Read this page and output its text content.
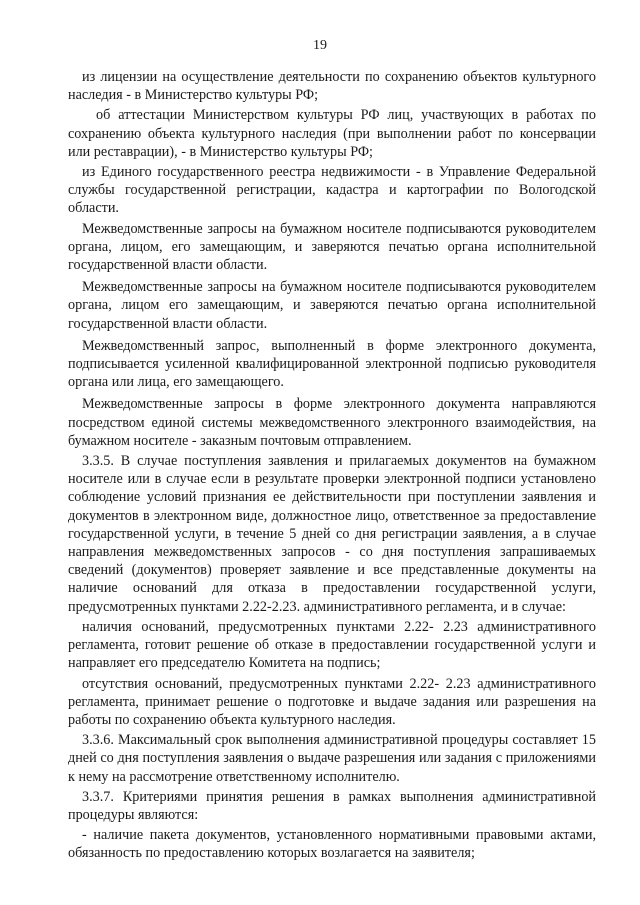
19

из лицензии на осуществление деятельности по сохранению объектов культурного наследия - в Министерство культуры РФ;

об аттестации Министерством культуры РФ лиц, участвующих в работах по сохранению объекта культурного наследия (при выполнении работ по консервации или реставрации), - в Министерство культуры РФ;

из Единого государственного реестра недвижимости - в Управление Федеральной службы государственной регистрации, кадастра и картографии по Вологодской области.

Межведомственные запросы на бумажном носителе подписываются руководителем органа, лицом, его замещающим, и заверяются печатью органа исполнительной государственной власти области.

Межведомственные запросы на бумажном носителе подписываются руководителем органа, лицом его замещающим, и заверяются печатью органа исполнительной государственной власти области.

Межведомственный запрос, выполненный в форме электронного документа, подписывается усиленной квалифицированной электронной подписью руководителя органа или лица, его замещающего.

Межведомственные запросы в форме электронного документа направляются посредством единой системы межведомственного электронного взаимодействия, на бумажном носителе - заказным почтовым отправлением.

3.3.5. В случае поступления заявления и прилагаемых документов на бумажном носителе или в случае если в результате проверки электронной подписи установлено соблюдение условий признания ее действительности при поступлении заявления и документов в электронном виде, должностное лицо, ответственное за предоставление государственной услуги, в течение 5 дней со дня регистрации заявления, а в случае направления межведомственных запросов - со дня поступления запрашиваемых сведений (документов) проверяет заявление и все представленные документы на наличие оснований для отказа в предоставлении государственной услуги, предусмотренных пунктами 2.22-2.23. административного регламента, и в случае:

наличия оснований, предусмотренных пунктами 2.22- 2.23 административного регламента, готовит решение об отказе в предоставлении государственной услуги и направляет его председателю Комитета на подпись;

отсутствия оснований, предусмотренных пунктами 2.22- 2.23 административного регламента, принимает решение о подготовке и выдаче задания или разрешения на работы по сохранению объекта культурного наследия.

3.3.6. Максимальный срок выполнения административной процедуры составляет 15 дней со дня поступления заявления о выдаче разрешения или задания с приложениями к нему на рассмотрение ответственному исполнителю.

3.3.7. Критериями принятия решения в рамках выполнения административной процедуры являются:

- наличие пакета документов, установленного нормативными правовыми актами, обязанность по предоставлению которых возлагается на заявителя;
